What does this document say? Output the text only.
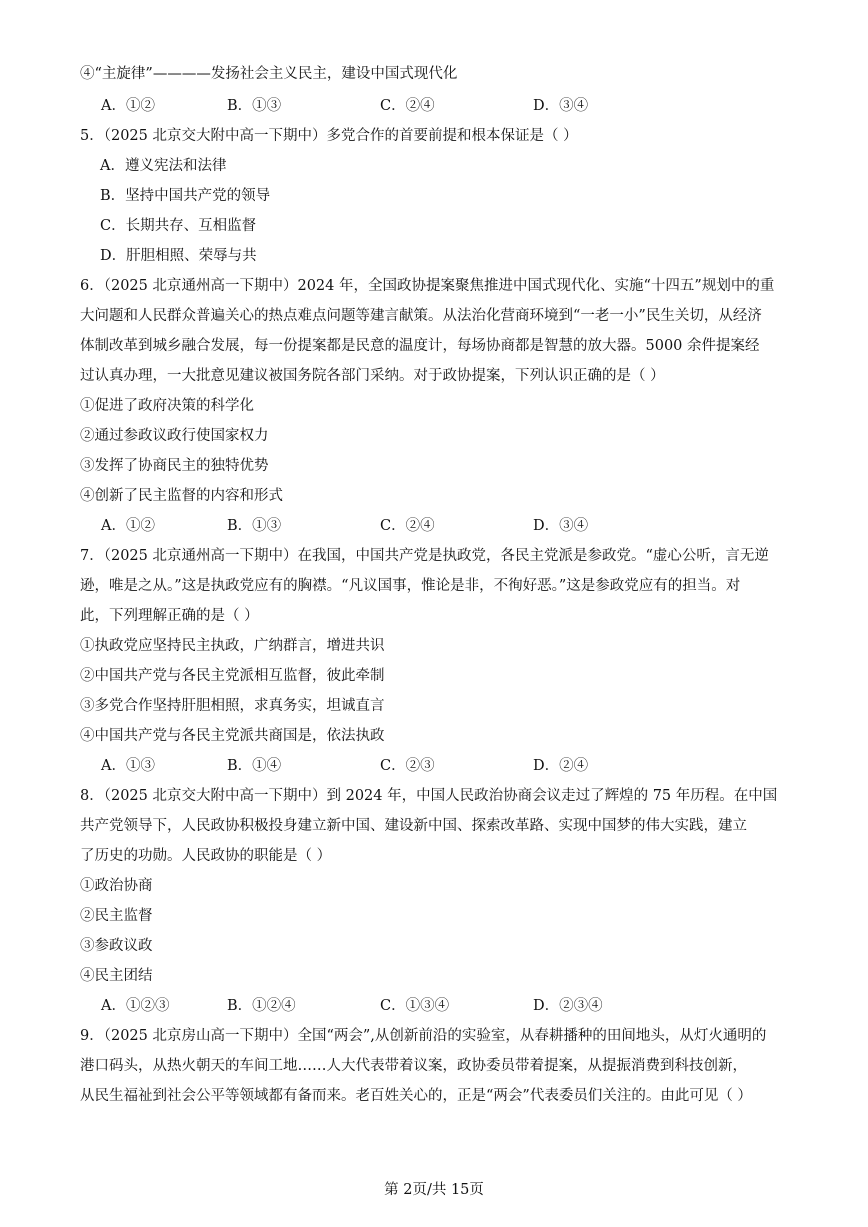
④“主旋律”————发扬社会主义民主，建设中国式现代化
A．①②	B．①③	C．②④	D．③④
5．（2025 北京交大附中高一下期中）多党合作的首要前提和根本保证是（ ）
A．遵义宪法和法律
B．坚持中国共产党的领导
C．长期共存、互相监督
D．肝胆相照、荣辱与共
6．（2025 北京通州高一下期中）2024 年，全国政协提案聚焦推进中国式现代化、实施“十四五”规划中的重
大问题和人民群众普遍关心的热点难点问题等建言献策。从法治化营商环境到“一老一小”民生关切，从经济
体制改革到城乡融合发展，每一份提案都是民意的温度计，每场协商都是智慧的放大器。5000 余件提案经
过认真办理，一大批意见建议被国务院各部门采纳。对于政协提案，下列认识正确的是（ ）
①促进了政府决策的科学化
②通过参政议政行使国家权力
③发挥了协商民主的独特优势
④创新了民主监督的内容和形式
A．①②	B．①③	C．②④	D．③④
7．（2025 北京通州高一下期中）在我国，中国共产党是执政党，各民主党派是参政党。“虚心公听，言无逆
逊，唯是之从。”这是执政党应有的胸襟。“凡议国事，惟论是非，不徇好恶。”这是参政党应有的担当。对
此，下列理解正确的是（ ）
①执政党应坚持民主执政，广纳群言，增进共识
②中国共产党与各民主党派相互监督，彼此牵制
③多党合作坚持肝胆相照，求真务实，坦诚直言
④中国共产党与各民主党派共商国是，依法执政
A．①③	B．①④	C．②③	D．②④
8．（2025 北京交大附中高一下期中）到 2024 年，中国人民政治协商会议走过了辉煌的 75 年历程。在中国
共产党领导下，人民政协积极投身建立新中国、建设新中国、探索改革路、实现中国梦的伟大实践，建立
了历史的功勋。人民政协的职能是（ ）
①政治协商
②民主监督
③参政议政
④民主团结
A．①②③	B．①②④	C．①③④	D．②③④
9．（2025 北京房山高一下期中）全国“两会”,从创新前沿的实验室，从春耕播种的田间地头，从灯火通明的
港口码头，从热火朝天的车间工地……人大代表带着议案，政协委员带着提案，从提振消费到科技创新，
从民生福祉到社会公平等领域都有备而来。老百姓关心的，正是“两会”代表委员们关注的。由此可见（ ）
第 2页/共 15页
